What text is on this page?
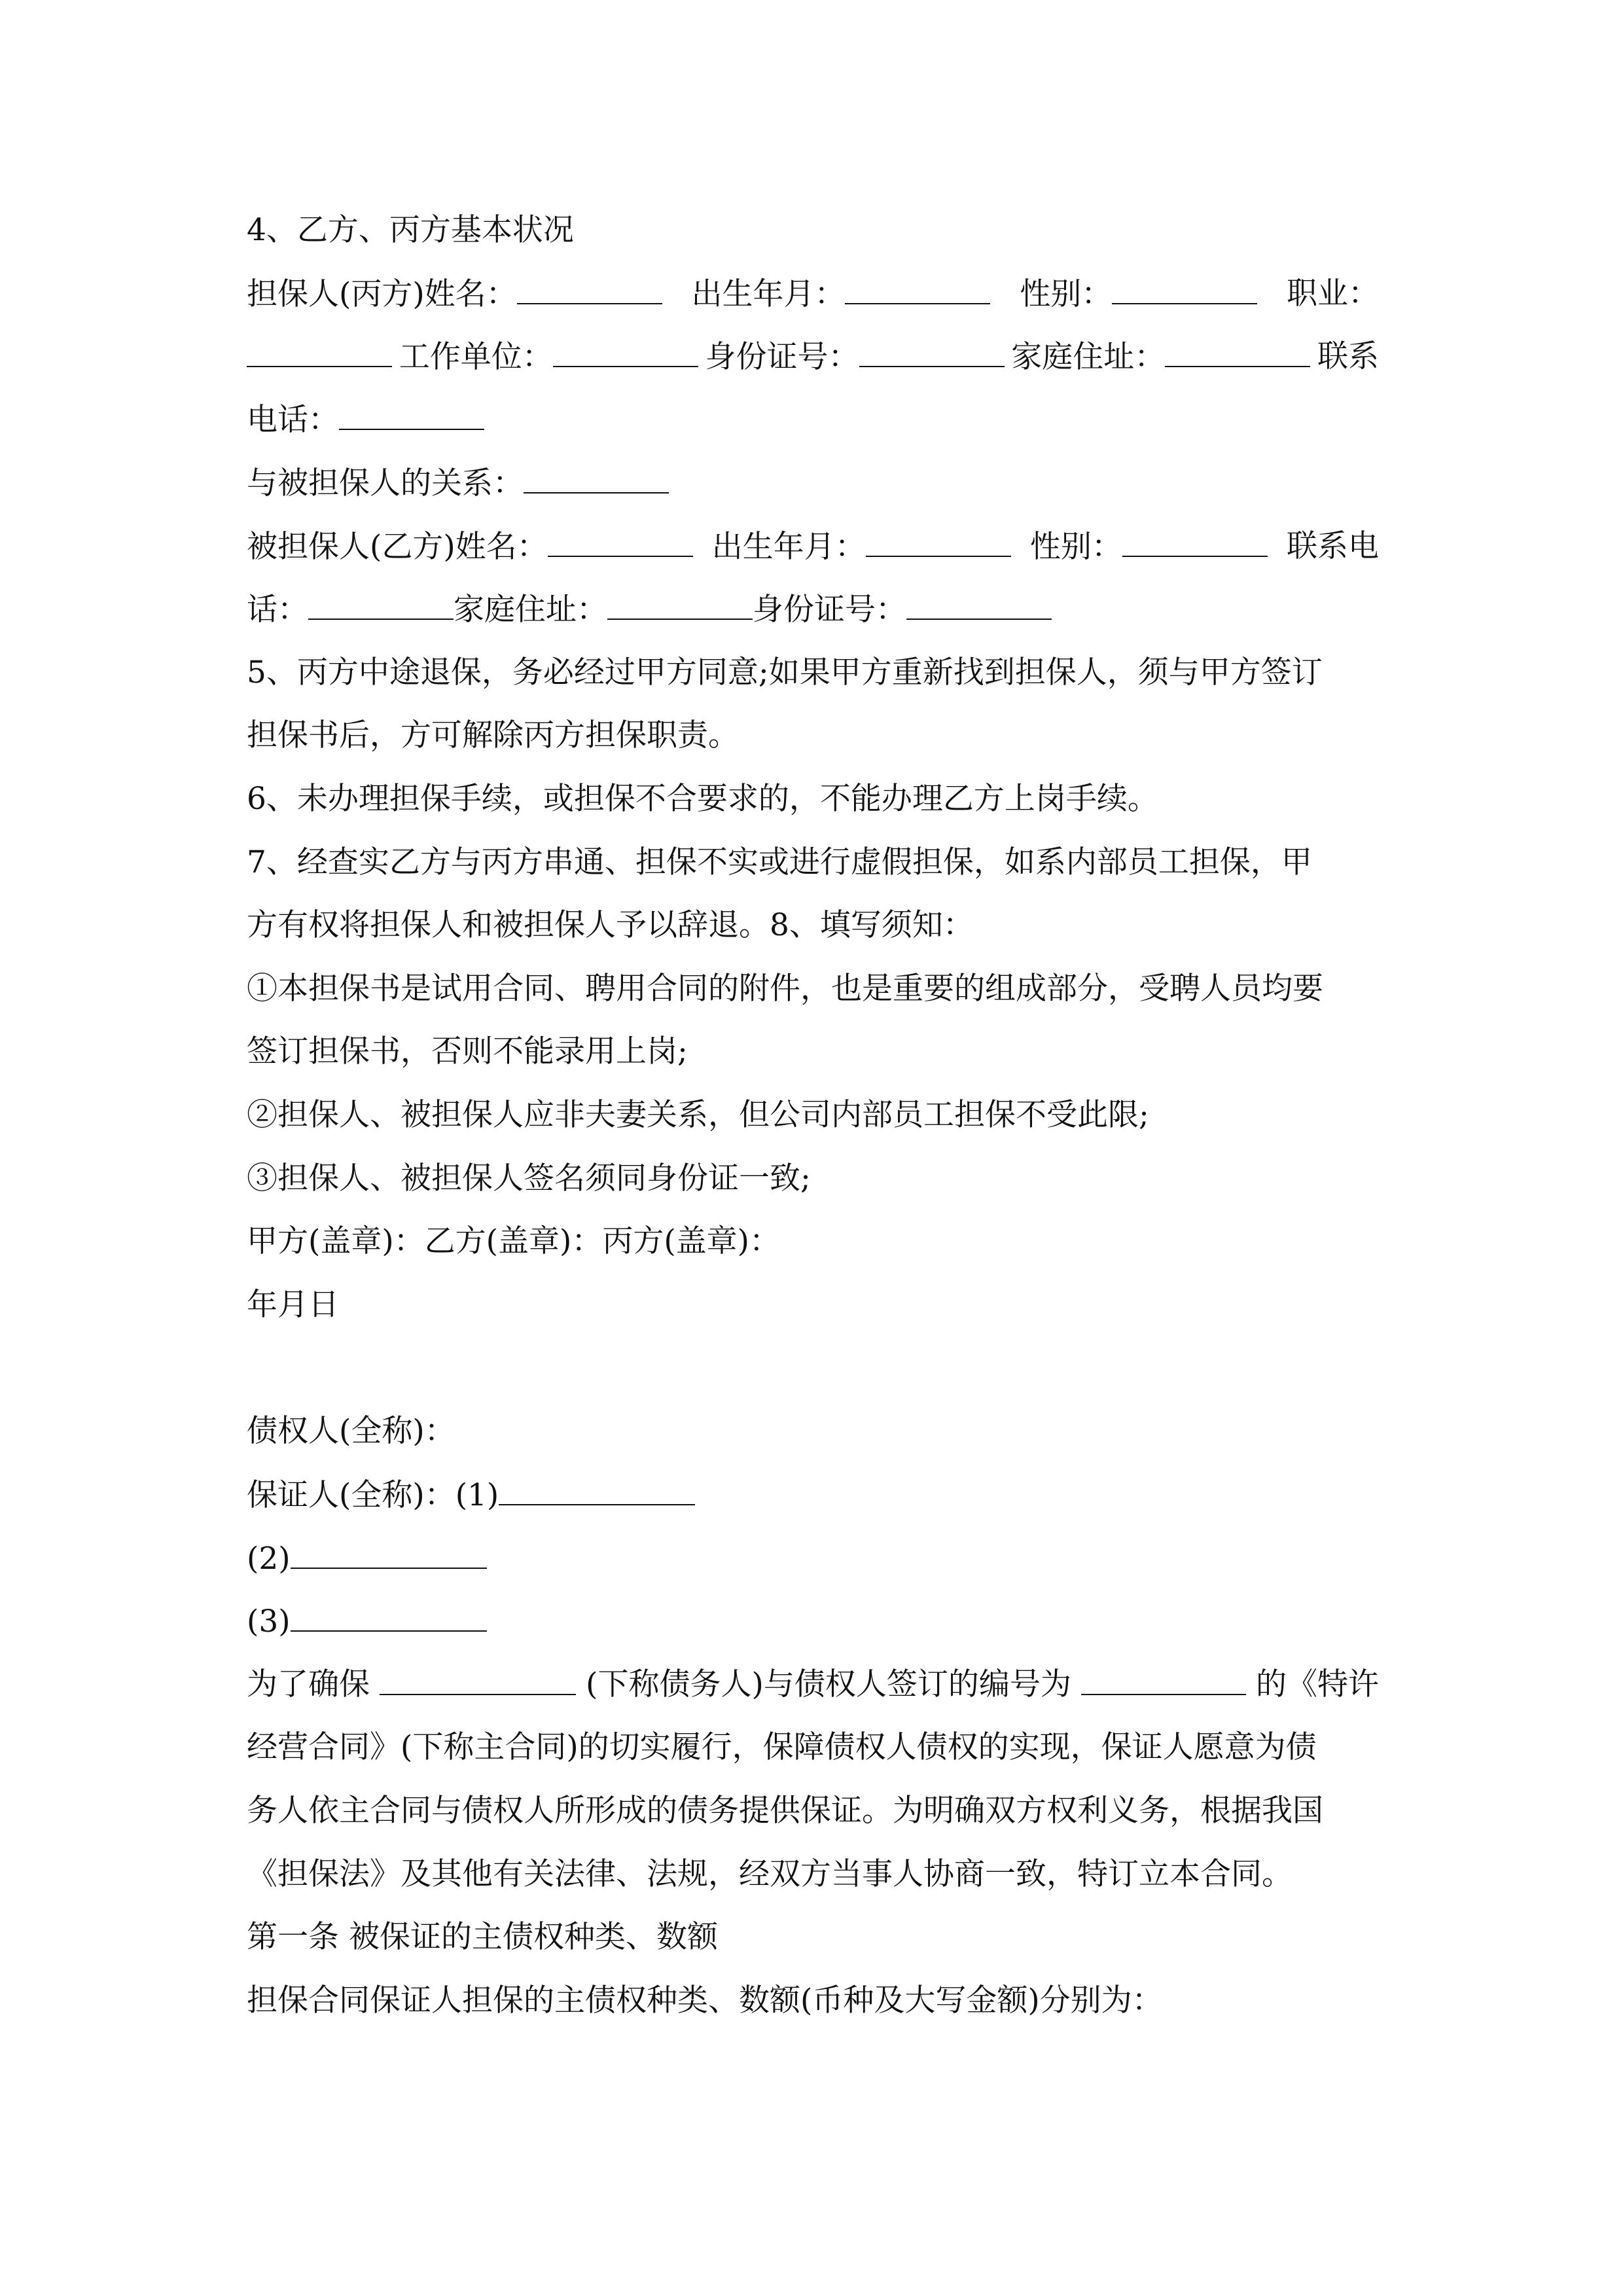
4、乙方、丙方基本状况
担保人(丙方)姓名：	出生年月：	性别：	职业：
工作单位：	身份证号：	家庭住址：	联系
电话：
与被担保人的关系：
被担保人(乙方)姓名：	出生年月：	性别：	联系电
话：	家庭住址：	身份证号：
5、丙方中途退保，务必经过甲方同意;如果甲方重新找到担保人，须与甲方签订
担保书后，方可解除丙方担保职责。
6、未办理担保手续，或担保不合要求的，不能办理乙方上岗手续。
7、经查实乙方与丙方串通、担保不实或进行虚假担保，如系内部员工担保，甲
方有权将担保人和被担保人予以辞退。8、填写须知：
①本担保书是试用合同、聘用合同的附件，也是重要的组成部分，受聘人员均要
签订担保书，否则不能录用上岗;
②担保人、被担保人应非夫妻关系，但公司内部员工担保不受此限;
③担保人、被担保人签名须同身份证一致;
甲方(盖章)：乙方(盖章)：丙方(盖章)：
年月日
债权人(全称)：
保证人(全称)：(1)
(2)
(3)
为了确保	(下称债务人)与债权人签订的编号为	的《特许
经营合同》(下称主合同)的切实履行，保障债权人债权的实现，保证人愿意为债
务人依主合同与债权人所形成的债务提供保证。为明确双方权利义务，根据我国
《担保法》及其他有关法律、法规，经双方当事人协商一致，特订立本合同。
第一条 被保证的主债权种类、数额
担保合同保证人担保的主债权种类、数额(币种及大写金额)分别为：
